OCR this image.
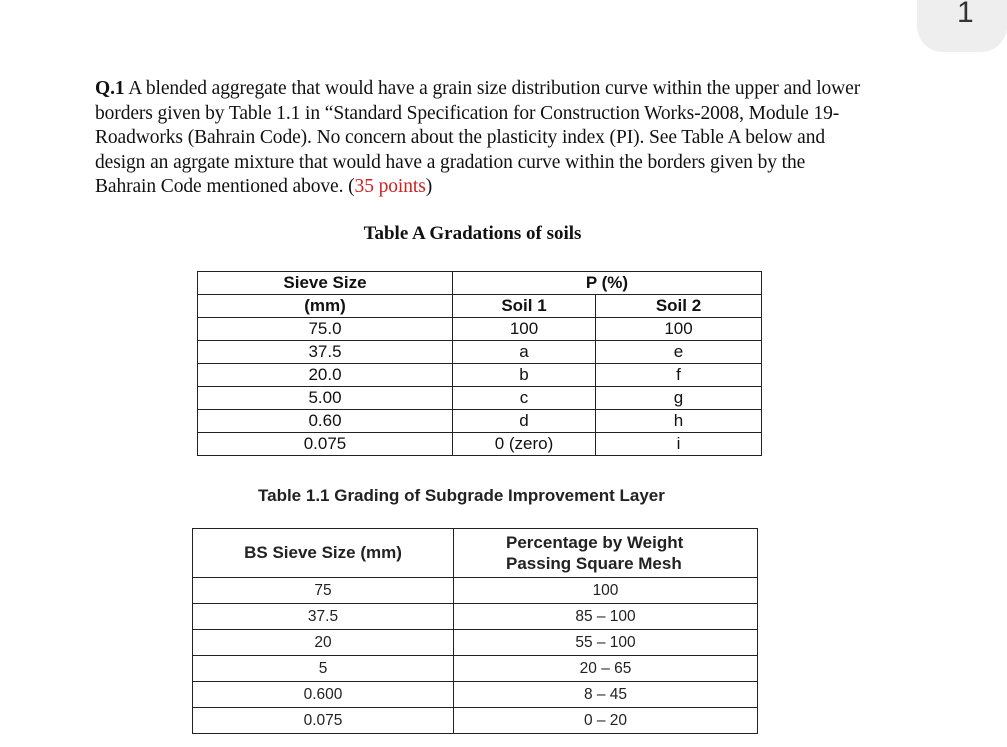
1
Q.1 A blended aggregate that would have a grain size distribution curve within the upper and lower borders given by Table 1.1 in “Standard Specification for Construction Works-2008, Module 19-Roadworks (Bahrain Code). No concern about the plasticity index (PI). See Table A below and design an agrgate mixture that would have a gradation curve within the borders given by the Bahrain Code mentioned above. (35 points)
Table A Gradations of soils
Sieve Size	P (%)	
(mm)	Soil 1	Soil 2
75.0	100	100
37.5	a	e
20.0	b	f
5.00	c	g
0.60	d	h
0.075	0 (zero)	i
Table 1.1 Grading of Subgrade Improvement Layer
BS Sieve Size (mm)	Percentage by Weight
Passing Square Mesh

75	100
37.5	85 – 100
20	55 – 100
5	20 – 65
0.600	8 – 45
0.075	0 – 20
